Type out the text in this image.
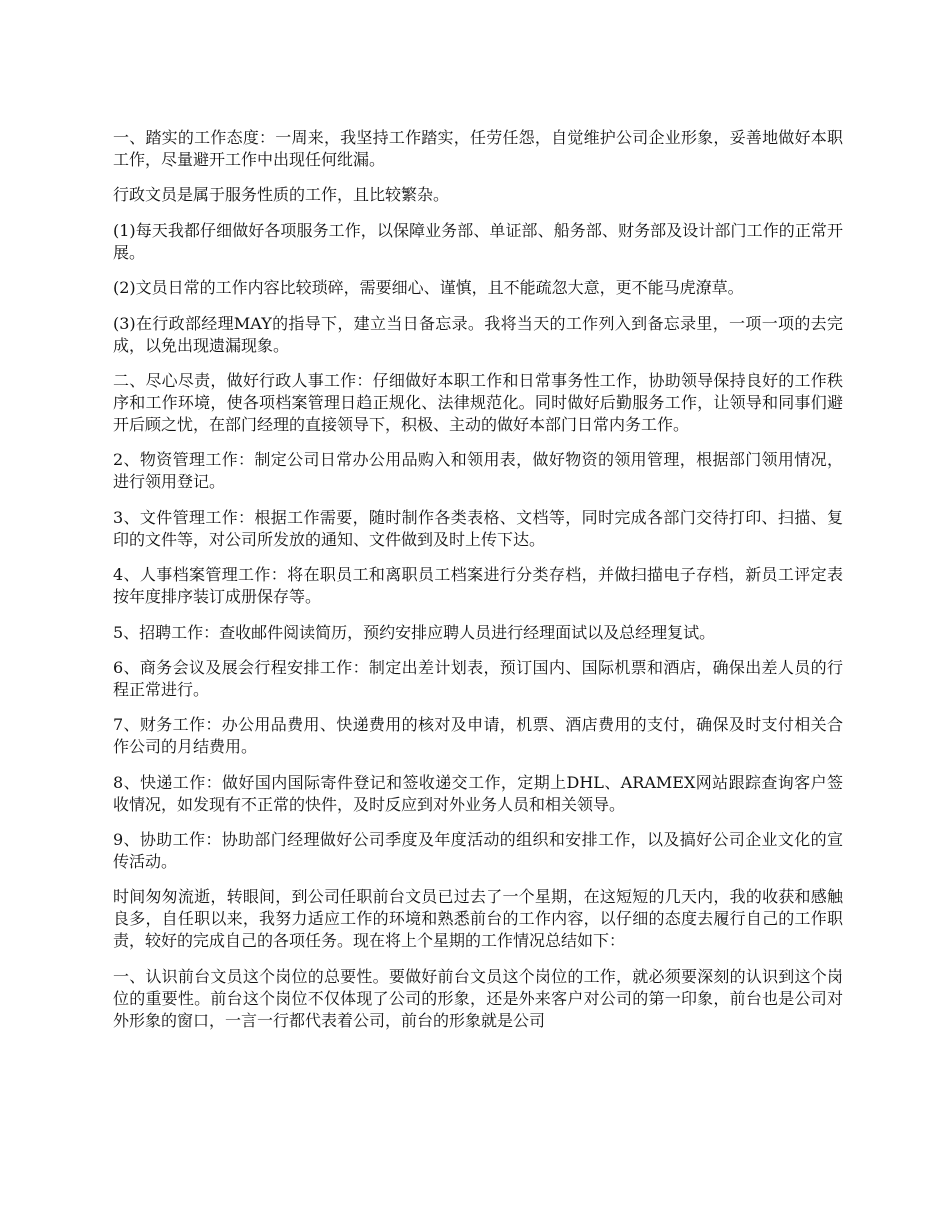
一、踏实的工作态度：一周来，我坚持工作踏实，任劳任怨，自觉维护公司企业形象，妥善地做好本职工作，尽量避开工作中出现任何纰漏。

行政文员是属于服务性质的工作，且比较繁杂。

(1)每天我都仔细做好各项服务工作，以保障业务部、单证部、船务部、财务部及设计部门工作的正常开展。

(2)文员日常的工作内容比较琐碎，需要细心、谨慎，且不能疏忽大意，更不能马虎潦草。

(3)在行政部经理MAY的指导下，建立当日备忘录。我将当天的工作列入到备忘录里，一项一项的去完成，以免出现遗漏现象。

二、尽心尽责，做好行政人事工作：仔细做好本职工作和日常事务性工作，协助领导保持良好的工作秩序和工作环境，使各项档案管理日趋正规化、法律规范化。同时做好后勤服务工作，让领导和同事们避开后顾之忧，在部门经理的直接领导下，积极、主动的做好本部门日常内务工作。

2、物资管理工作：制定公司日常办公用品购入和领用表，做好物资的领用管理，根据部门领用情况，进行领用登记。

3、文件管理工作：根据工作需要，随时制作各类表格、文档等，同时完成各部门交待打印、扫描、复印的文件等，对公司所发放的通知、文件做到及时上传下达。

4、人事档案管理工作：将在职员工和离职员工档案进行分类存档，并做扫描电子存档，新员工评定表按年度排序装订成册保存等。

5、招聘工作：查收邮件阅读简历，预约安排应聘人员进行经理面试以及总经理复试。

6、商务会议及展会行程安排工作：制定出差计划表，预订国内、国际机票和酒店，确保出差人员的行程正常进行。

7、财务工作：办公用品费用、快递费用的核对及申请，机票、酒店费用的支付，确保及时支付相关合作公司的月结费用。

8、快递工作：做好国内国际寄件登记和签收递交工作，定期上DHL、ARAMEX网站跟踪查询客户签收情况，如发现有不正常的快件，及时反应到对外业务人员和相关领导。

9、协助工作：协助部门经理做好公司季度及年度活动的组织和安排工作，以及搞好公司企业文化的宣传活动。

时间匆匆流逝，转眼间，到公司任职前台文员已过去了一个星期，在这短短的几天内，我的收获和感触良多，自任职以来，我努力适应工作的环境和熟悉前台的工作内容，以仔细的态度去履行自己的工作职责，较好的完成自己的各项任务。现在将上个星期的工作情况总结如下：

一、认识前台文员这个岗位的总要性。要做好前台文员这个岗位的工作，就必须要深刻的认识到这个岗位的重要性。前台这个岗位不仅体现了公司的形象，还是外来客户对公司的第一印象，前台也是公司对外形象的窗口，一言一行都代表着公司，前台的形象就是公司
